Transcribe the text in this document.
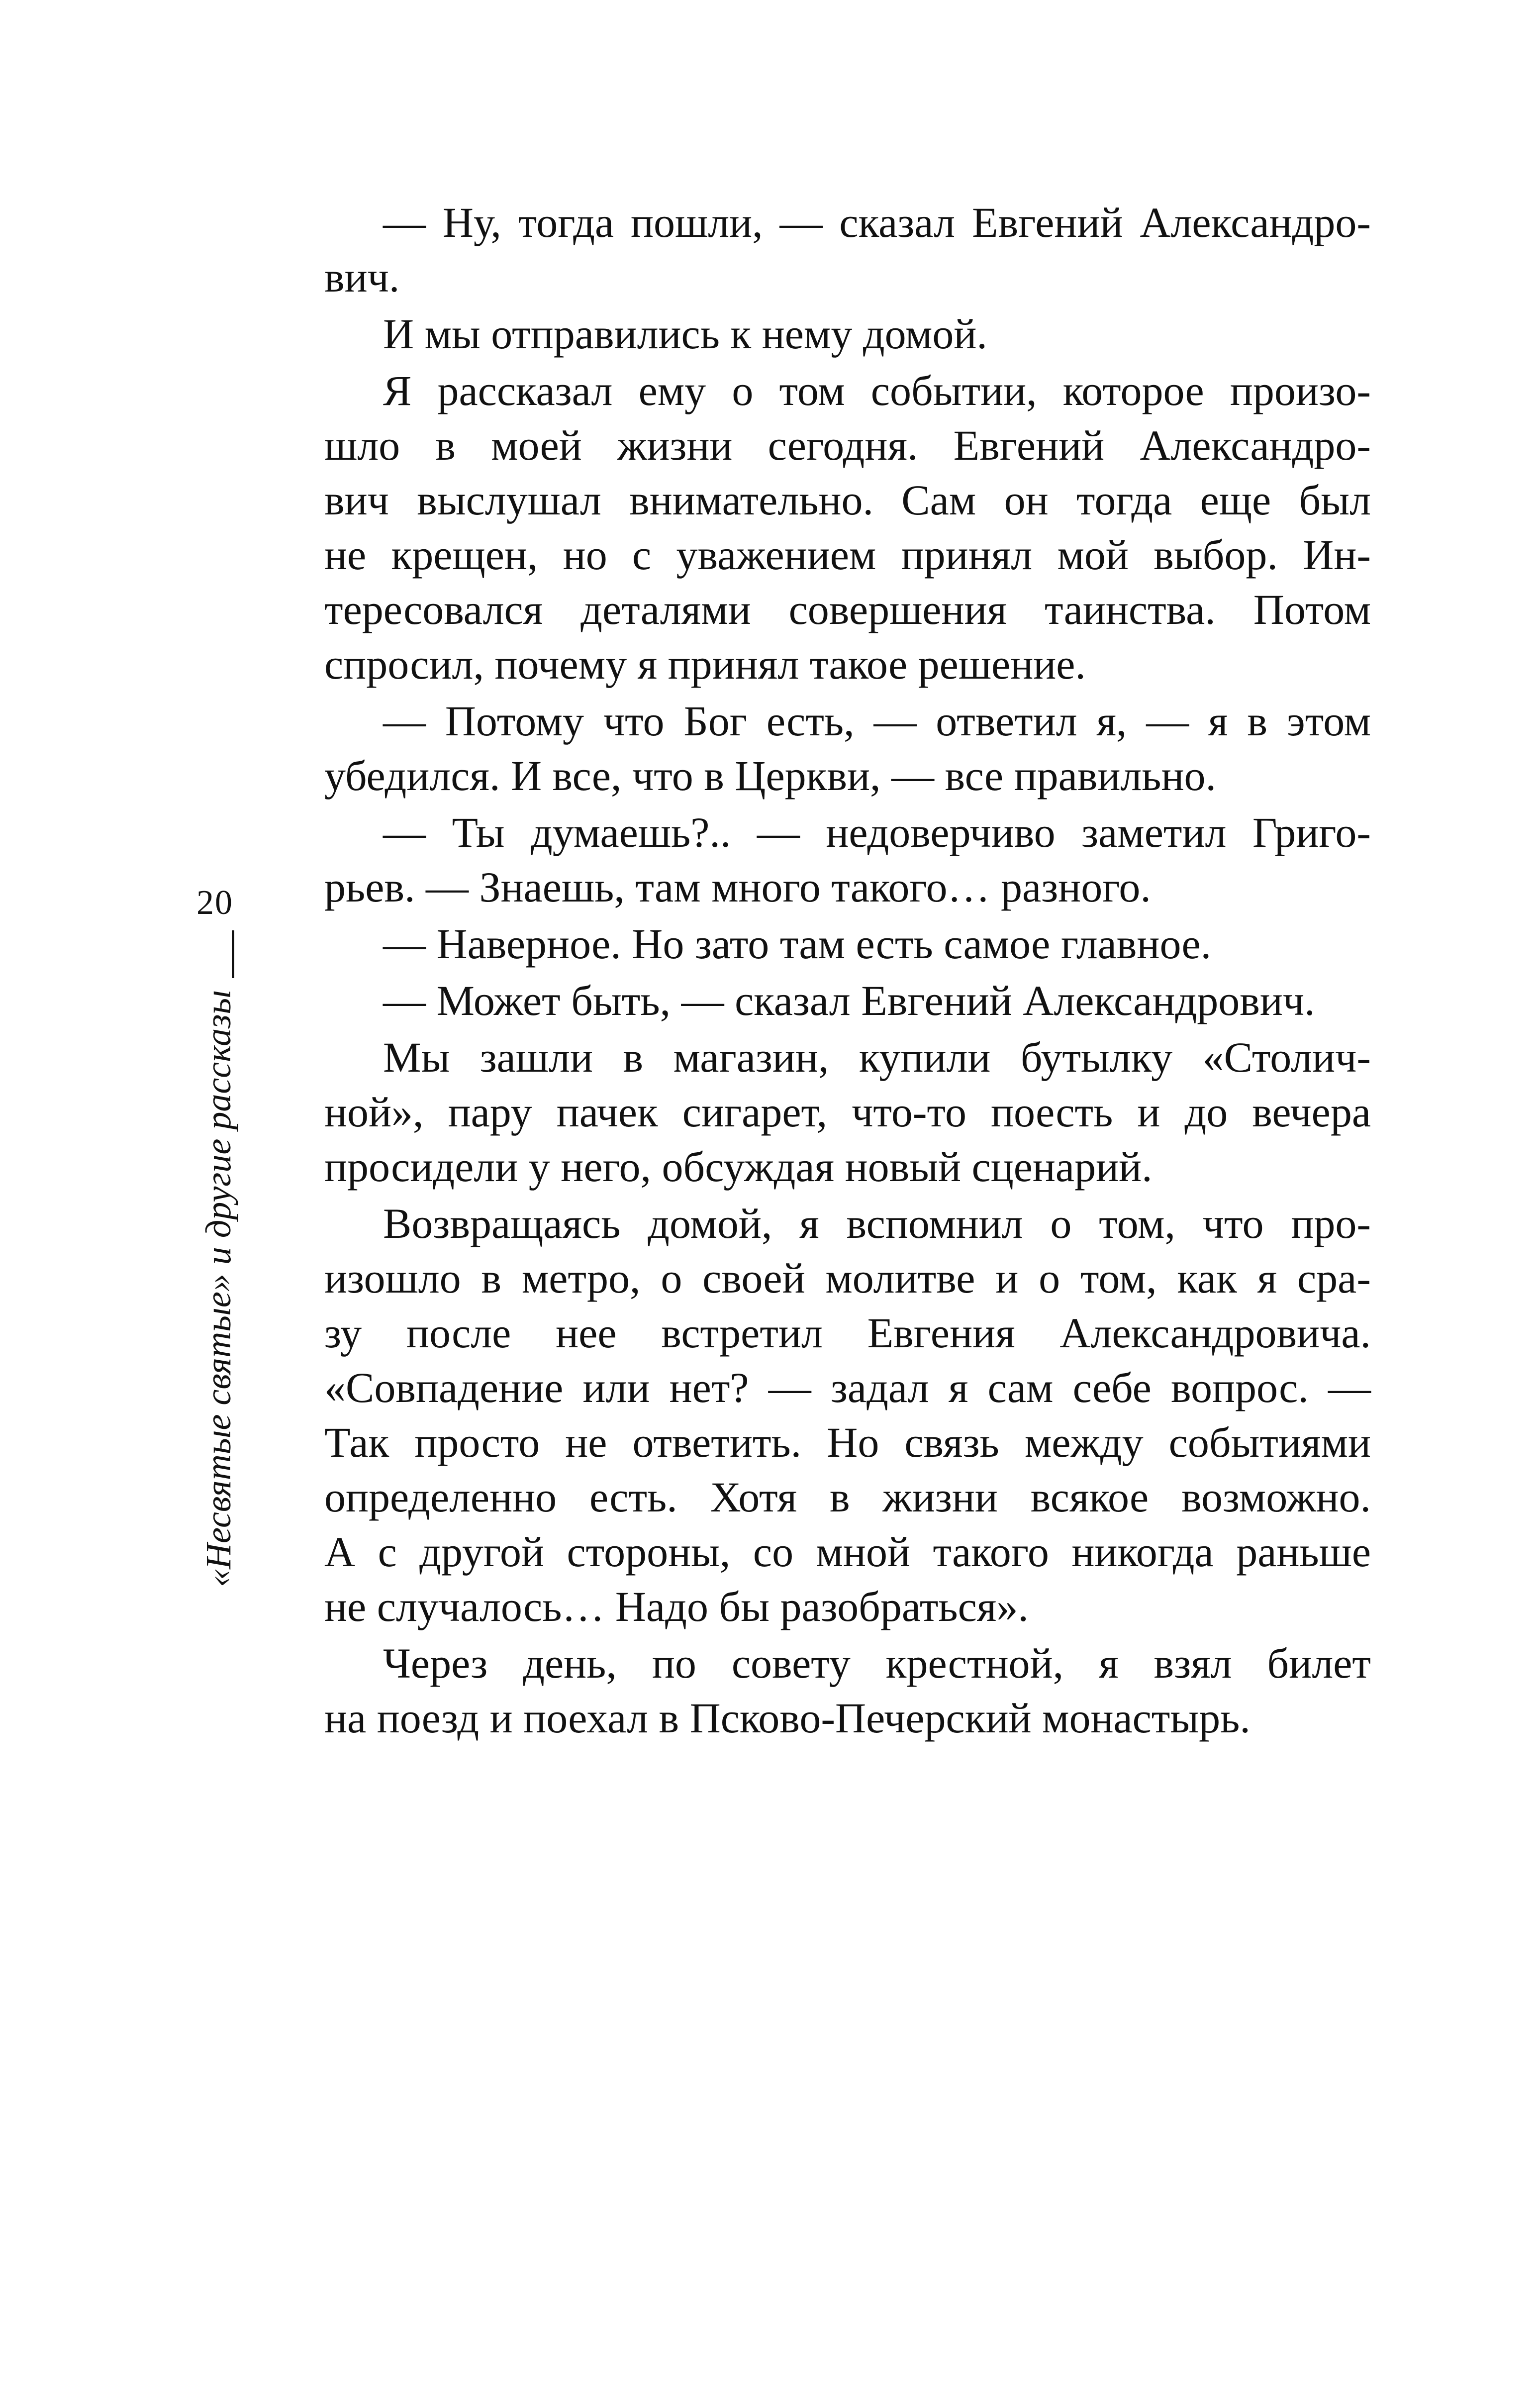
20
«Несвятые святые» и другие рассказы

— Ну, тогда пошли, — сказал Евгений Александро-
вич.

И мы отправились к нему домой.

Я рассказал ему о том событии, которое произо-
шло в моей жизни сегодня. Евгений Александро-
вич выслушал внимательно. Сам он тогда еще был
не крещен, но с уважением принял мой выбор. Ин-
тересовался деталями совершения таинства. Потом
спросил, почему я принял такое решение.

— Потому что Бог есть, — ответил я, — я в этом
убедился. И все, что в Церкви, — все правильно.

— Ты думаешь?.. — недоверчиво заметил Григо-
рьев. — Знаешь, там много такого… разного.

— Наверное. Но зато там есть самое главное.

— Может быть, — сказал Евгений Александрович.

Мы зашли в магазин, купили бутылку «Столич-
ной», пару пачек сигарет, что-то поесть и до вечера
просидели у него, обсуждая новый сценарий.

Возвращаясь домой, я вспомнил о том, что про-
изошло в метро, о своей молитве и о том, как я сра-
зу после нее встретил Евгения Александровича.
«Совпадение или нет? — задал я сам себе вопрос. —
Так просто не ответить. Но связь между событиями
определенно есть. Хотя в жизни всякое возможно.
А с другой стороны, со мной такого никогда раньше
не случалось… Надо бы разобраться».

Через день, по совету крестной, я взял билет
на поезд и поехал в Псково-Печерский монастырь.
